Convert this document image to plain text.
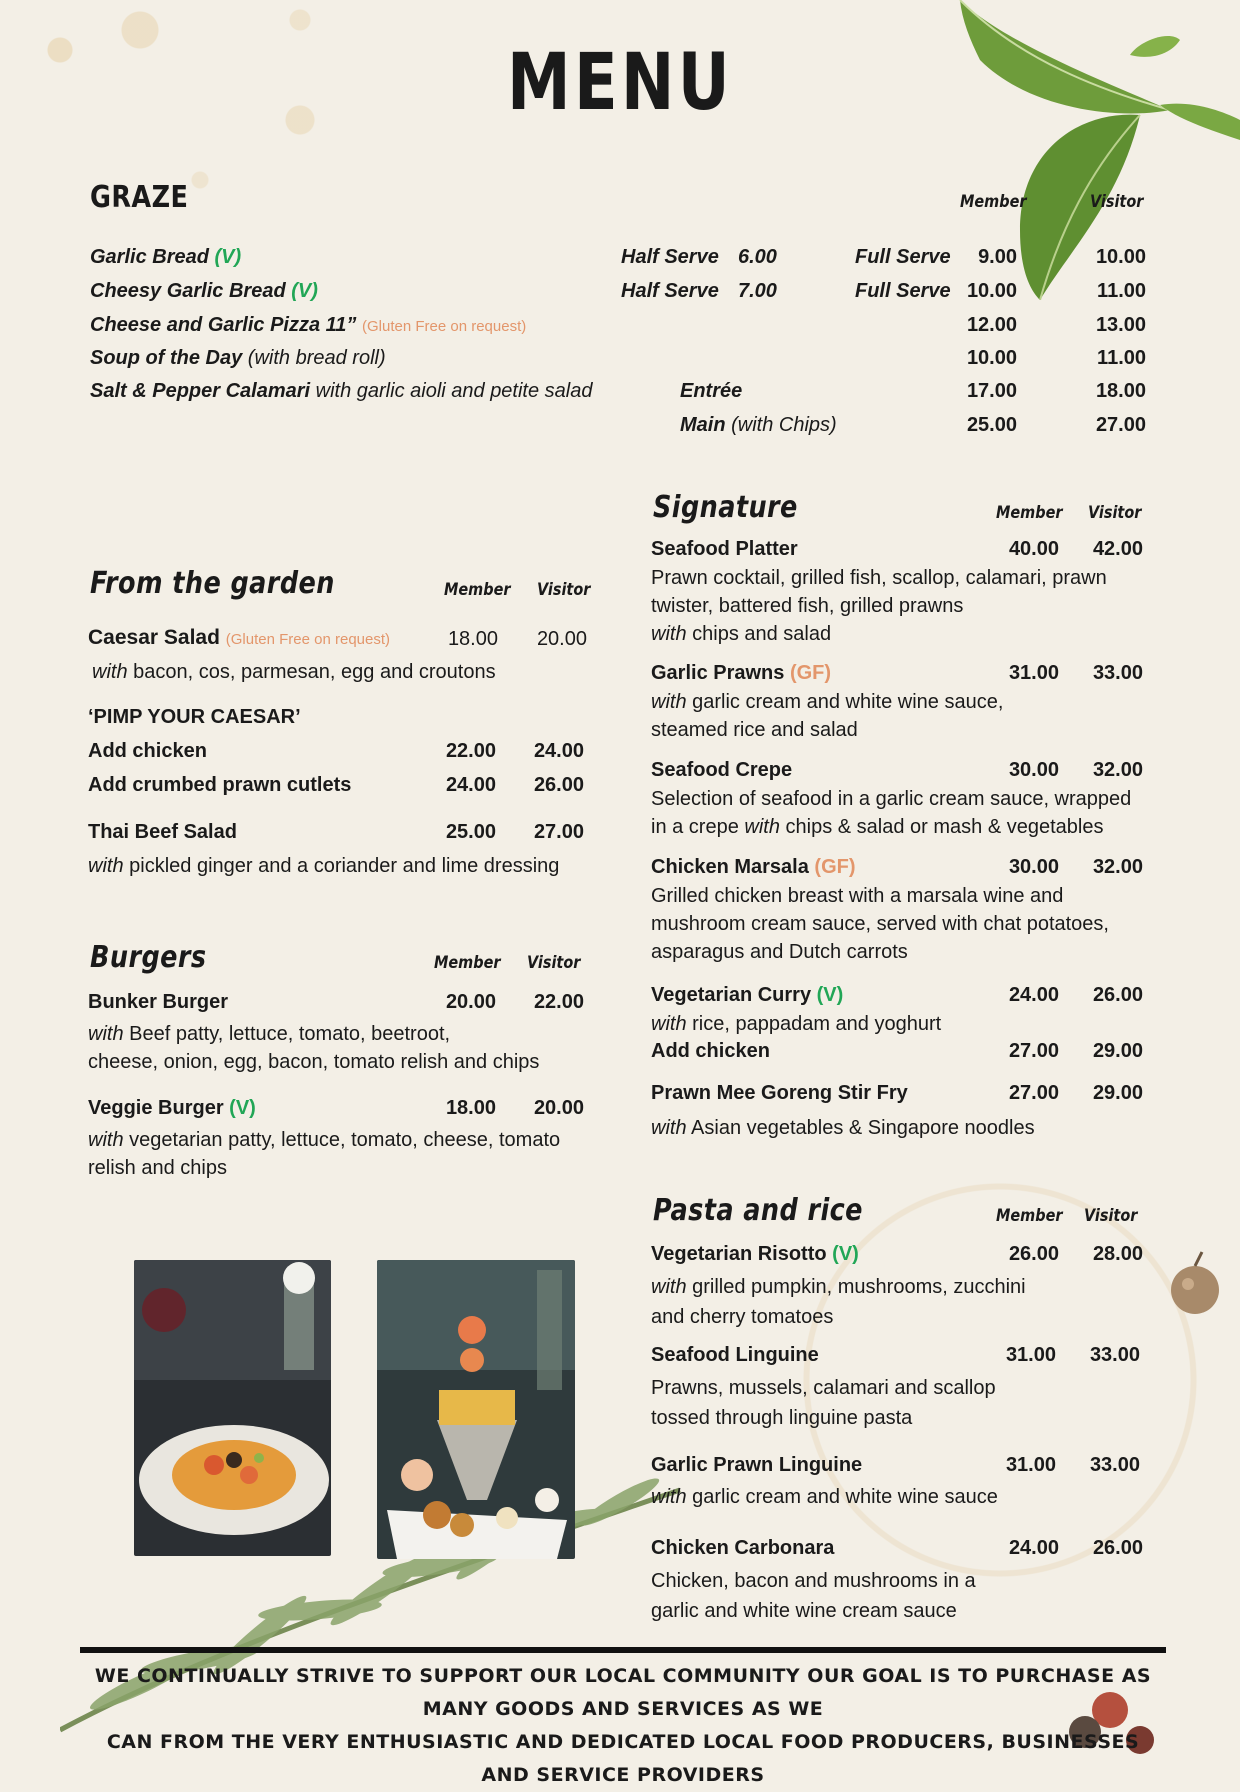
MENU
GRAZE	Member	Visitor
Garlic Bread (V)	Half Serve 6.00	Full Serve	9.00	10.00
Cheesy Garlic Bread (V)	Half Serve 7.00	Full Serve 10.00	11.00
Cheese and Garlic Pizza 11” (Gluten Free on request)	12.00	13.00
Soup of the Day (with bread roll)	10.00	11.00
Salt & Pepper Calamari with garlic aioli and petite salad	Entrée	17.00	18.00
Main (with Chips)	25.00	27.00
From the garden	Member Visitor
Caesar Salad (Gluten Free on request)	18.00	20.00
with bacon, cos, parmesan, egg and croutons
‘PIMP YOUR CAESAR’
Add chicken	22.00	24.00
Add crumbed prawn cutlets	24.00	26.00
Thai Beef Salad	25.00	27.00
with pickled ginger and a coriander and lime dressing
Burgers	Member Visitor
Bunker Burger	20.00	22.00
with Beef patty, lettuce, tomato, beetroot,
cheese, onion, egg, bacon, tomato relish and chips
Veggie Burger (V)	18.00	20.00
with vegetarian patty, lettuce, tomato, cheese, tomato
relish and chips
Signature	Member Visitor
Seafood Platter	40.00	42.00
Prawn cocktail, grilled fish, scallop, calamari, prawn
twister, battered fish, grilled prawns
with chips and salad
Garlic Prawns (GF)	31.00	33.00
with garlic cream and white wine sauce,
steamed rice and salad
Seafood Crepe	30.00	32.00
Selection of seafood in a garlic cream sauce, wrapped
in a crepe with chips & salad or mash & vegetables
Chicken Marsala (GF)	30.00	32.00
Grilled chicken breast with a marsala wine and
mushroom cream sauce, served with chat potatoes,
asparagus and Dutch carrots
Vegetarian Curry (V)	24.00	26.00
with rice, pappadam and yoghurt
Add chicken	27.00	29.00
Prawn Mee Goreng Stir Fry	27.00	29.00
with Asian vegetables & Singapore noodles
Pasta and rice	Member Visitor
Vegetarian Risotto (V)	26.00	28.00
with grilled pumpkin, mushrooms, zucchini
and cherry tomatoes
Seafood Linguine	31.00	33.00
Prawns, mussels, calamari and scallop
tossed through linguine pasta
Garlic Prawn Linguine	31.00	33.00
with garlic cream and white wine sauce
Chicken Carbonara	24.00	26.00
Chicken, bacon and mushrooms in a
garlic and white wine cream sauce
WE CONTINUALLY STRIVE TO SUPPORT OUR LOCAL COMMUNITY OUR GOAL IS TO PURCHASE AS MANY GOODS AND SERVICES AS WE
CAN FROM THE VERY ENTHUSIASTIC AND DEDICATED LOCAL FOOD PRODUCERS, BUSINESSES AND SERVICE PROVIDERS
